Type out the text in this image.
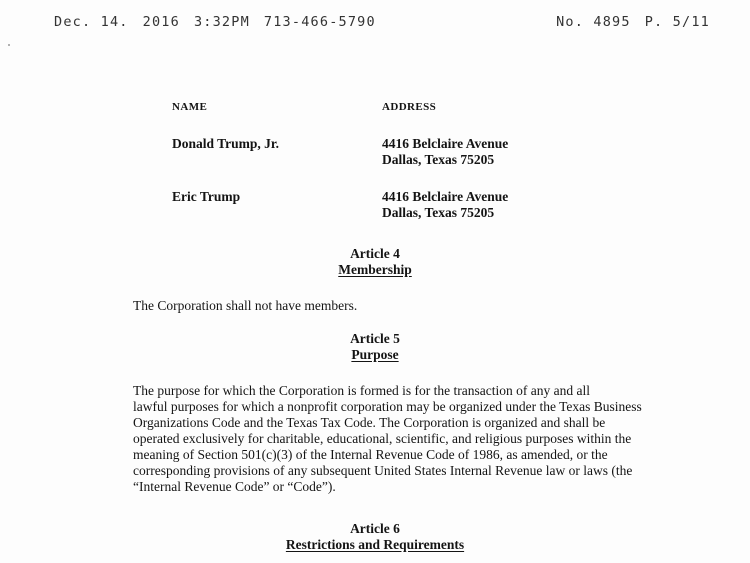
Dec. 14. 2016 3:32PM 713-466-5790	No. 4895 P. 5/11
NAME	ADDRESS
Donald Trump, Jr.	4416 Belclaire Avenue
Dallas, Texas 75205
Eric Trump	4416 Belclaire Avenue
Dallas, Texas 75205
Article 4
Membership
The Corporation shall not have members.
Article 5
Purpose
The purpose for which the Corporation is formed is for the transaction of any and all
lawful purposes for which a nonprofit corporation may be organized under the Texas Business
Organizations Code and the Texas Tax Code. The Corporation is organized and shall be
operated exclusively for charitable, educational, scientific, and religious purposes within the
meaning of Section 501(c)(3) of the Internal Revenue Code of 1986, as amended, or the
corresponding provisions of any subsequent United States Internal Revenue law or laws (the
“Internal Revenue Code” or “Code”).
Article 6
Restrictions and Requirements
